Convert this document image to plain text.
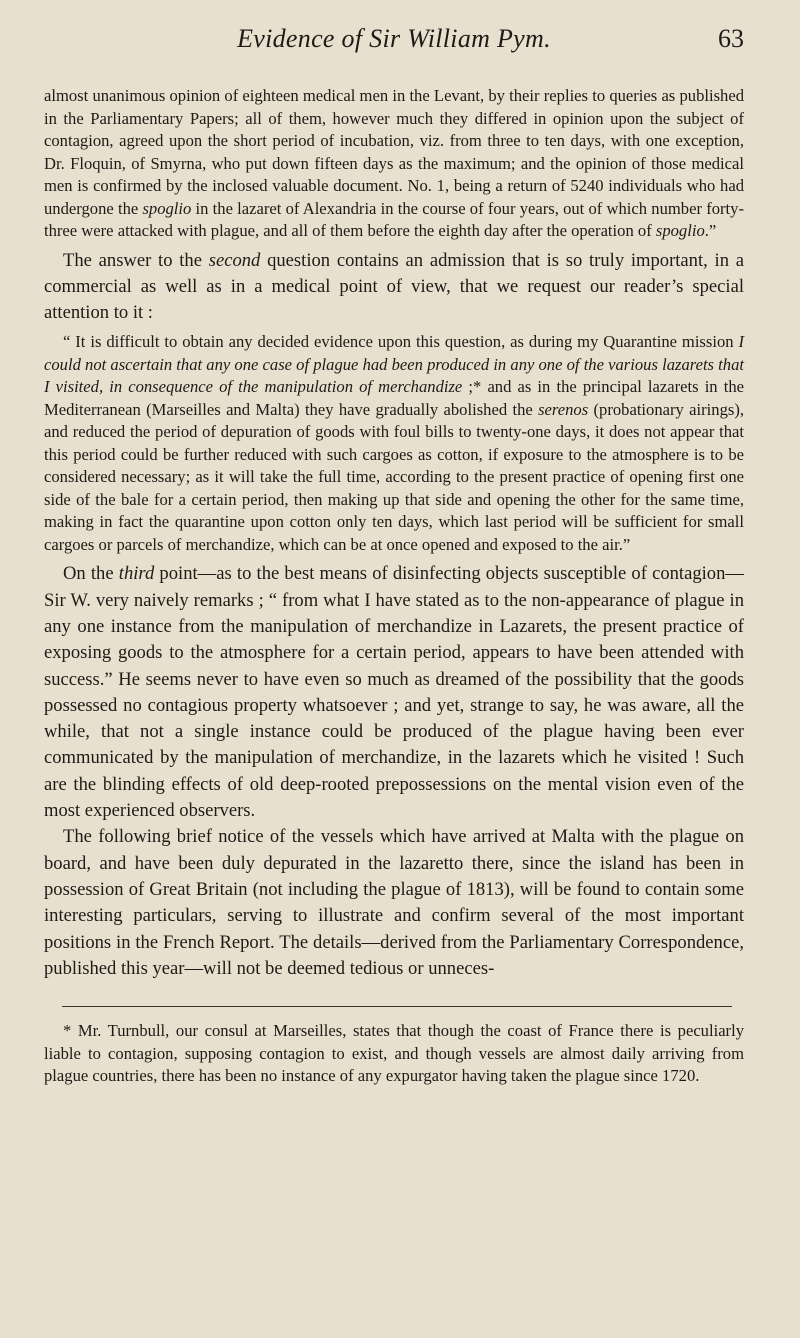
Evidence of Sir William Pym.	63

almost unanimous opinion of eighteen medical men in the Levant, by their replies to queries as published in the Parliamentary Papers; all of them, however much they differed in opinion upon the subject of contagion, agreed upon the short period of incubation, viz. from three to ten days, with one exception, Dr. Floquin, of Smyrna, who put down fifteen days as the maximum; and the opinion of those medical men is confirmed by the inclosed valuable document. No. 1, being a return of 5240 individuals who had undergone the spoglio in the lazaret of Alexandria in the course of four years, out of which number forty-three were attacked with plague, and all of them before the eighth day after the operation of spoglio.”

The answer to the second question contains an admission that is so truly important, in a commercial as well as in a medical point of view, that we request our reader’s special attention to it :

“ It is difficult to obtain any decided evidence upon this question, as during my Quarantine mission I could not ascertain that any one case of plague had been produced in any one of the various lazarets that I visited, in consequence of the manipulation of merchandize ;* and as in the principal lazarets in the Mediterranean (Marseilles and Malta) they have gradually abolished the serenos (probationary airings), and reduced the period of depuration of goods with foul bills to twenty-one days, it does not appear that this period could be further reduced with such cargoes as cotton, if exposure to the atmosphere is to be considered necessary; as it will take the full time, according to the present practice of opening first one side of the bale for a certain period, then making up that side and opening the other for the same time, making in fact the quarantine upon cotton only ten days, which last period will be sufficient for small cargoes or parcels of merchandize, which can be at once opened and exposed to the air.”

On the third point—as to the best means of disinfecting objects susceptible of contagion—Sir W. very naively remarks ; “ from what I have stated as to the non-appearance of plague in any one instance from the manipulation of merchandize in Lazarets, the present practice of exposing goods to the atmosphere for a certain period, appears to have been attended with success.” He seems never to have even so much as dreamed of the possibility that the goods possessed no contagious property whatsoever ; and yet, strange to say, he was aware, all the while, that not a single instance could be produced of the plague having been ever communicated by the manipulation of merchandize, in the lazarets which he visited ! Such are the blinding effects of old deep-rooted prepossessions on the mental vision even of the most experienced observers.

The following brief notice of the vessels which have arrived at Malta with the plague on board, and have been duly depurated in the lazaretto there, since the island has been in possession of Great Britain (not including the plague of 1813), will be found to contain some interesting particulars, serving to illustrate and confirm several of the most important positions in the French Report. The details—derived from the Parliamentary Correspondence, published this year—will not be deemed tedious or unneces-

* Mr. Turnbull, our consul at Marseilles, states that though the coast of France there is peculiarly liable to contagion, supposing contagion to exist, and though vessels are almost daily arriving from plague countries, there has been no instance of any expurgator having taken the plague since 1720.
